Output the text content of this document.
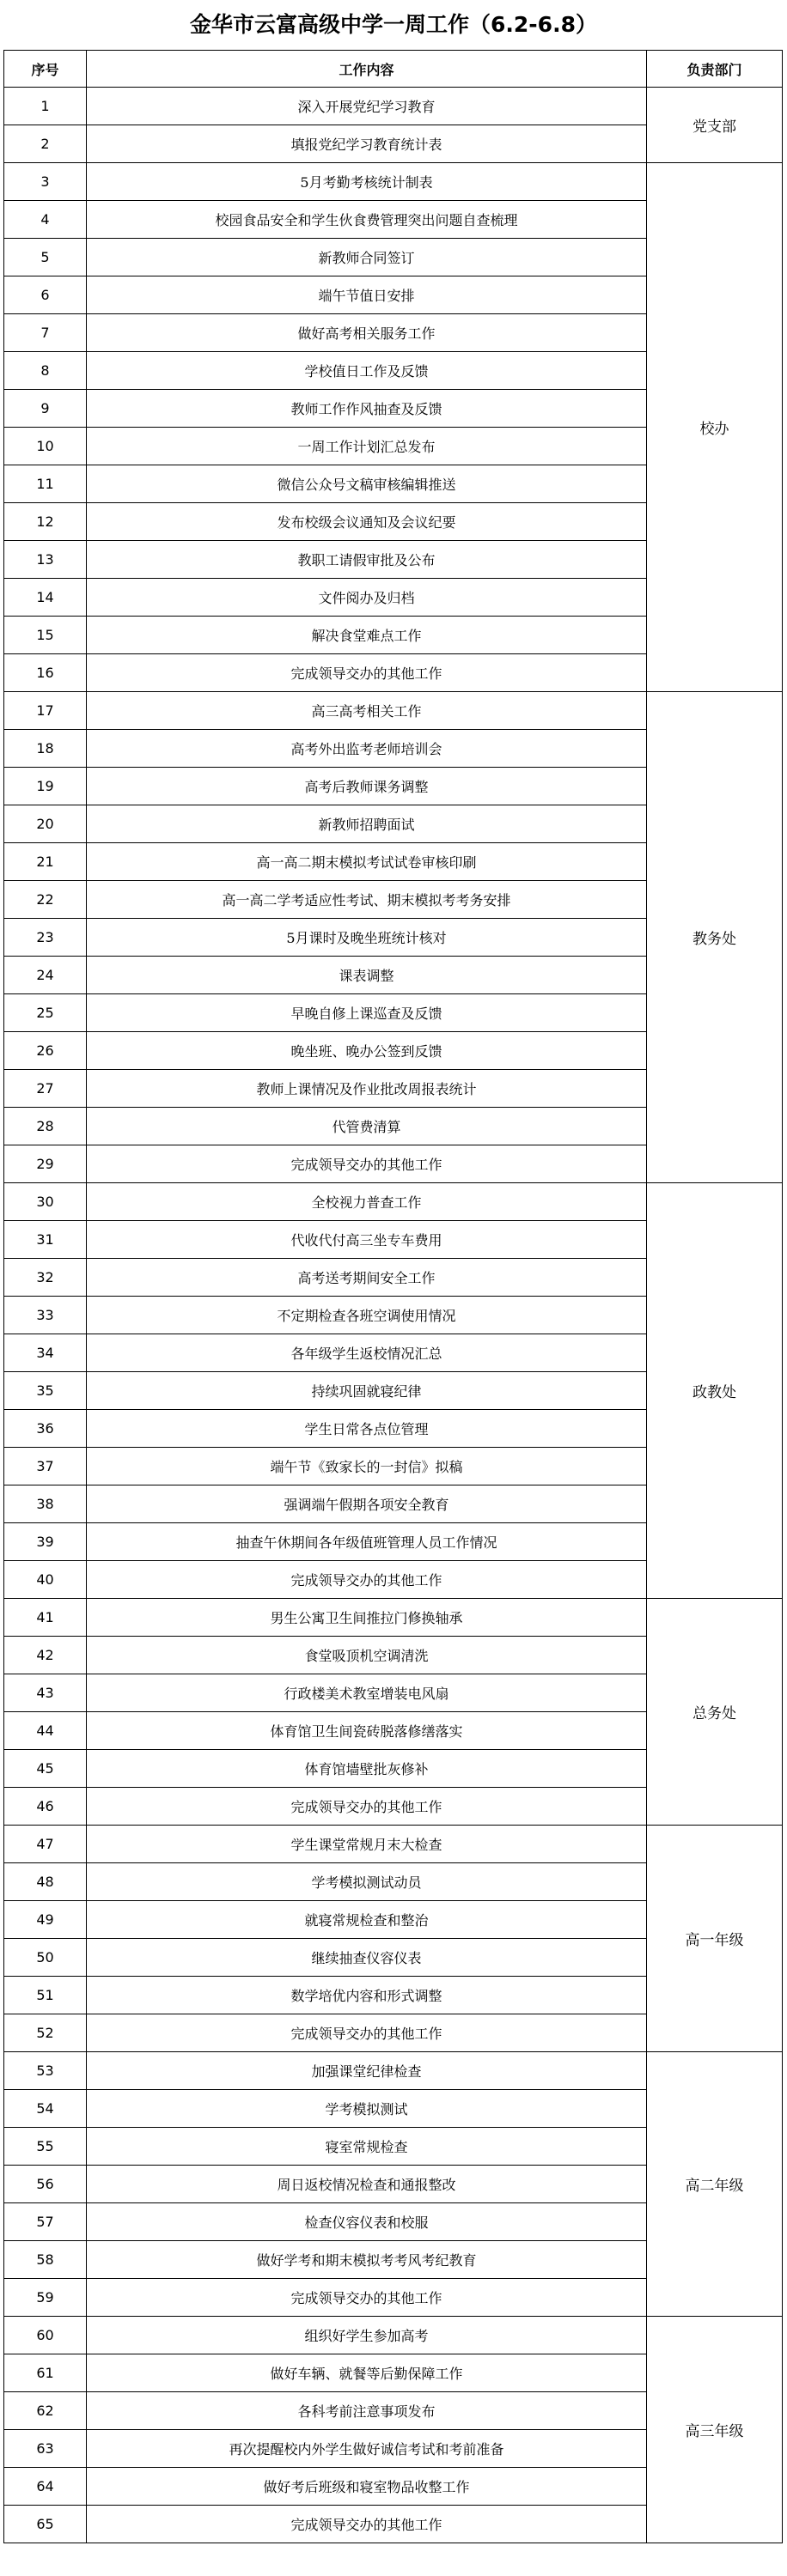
金华市云富高级中学一周工作（6.2-6.8）
序号	工作内容	负责部门
1	深入开展党纪学习教育	党支部
2	填报党纪学习教育统计表	
3	5月考勤考核统计制表	校办
4	校园食品安全和学生伙食费管理突出问题自查梳理	
5	新教师合同签订	
6	端午节值日安排	
7	做好高考相关服务工作	
8	学校值日工作及反馈	
9	教师工作作风抽查及反馈	
10	一周工作计划汇总发布	
11	微信公众号文稿审核编辑推送	
12	发布校级会议通知及会议纪要	
13	教职工请假审批及公布	
14	文件阅办及归档	
15	解决食堂难点工作	
16	完成领导交办的其他工作	
17	高三高考相关工作	教务处
18	高考外出监考老师培训会	
19	高考后教师课务调整	
20	新教师招聘面试	
21	高一高二期末模拟考试试卷审核印刷	
22	高一高二学考适应性考试、期末模拟考考务安排	
23	5月课时及晚坐班统计核对	
24	课表调整	
25	早晚自修上课巡查及反馈	
26	晚坐班、晚办公签到反馈	
27	教师上课情况及作业批改周报表统计	
28	代管费清算	
29	完成领导交办的其他工作	
30	全校视力普查工作	政教处
31	代收代付高三坐专车费用	
32	高考送考期间安全工作	
33	不定期检查各班空调使用情况	
34	各年级学生返校情况汇总	
35	持续巩固就寝纪律	
36	学生日常各点位管理	
37	端午节《致家长的一封信》拟稿	
38	强调端午假期各项安全教育	
39	抽查午休期间各年级值班管理人员工作情况	
40	完成领导交办的其他工作	
41	男生公寓卫生间推拉门修换轴承	总务处
42	食堂吸顶机空调清洗	
43	行政楼美术教室增装电风扇	
44	体育馆卫生间瓷砖脱落修缮落实	
45	体育馆墙壁批灰修补	
46	完成领导交办的其他工作	
47	学生课堂常规月末大检查	高一年级
48	学考模拟测试动员	
49	就寝常规检查和整治	
50	继续抽查仪容仪表	
51	数学培优内容和形式调整	
52	完成领导交办的其他工作	
53	加强课堂纪律检查	高二年级
54	学考模拟测试	
55	寝室常规检查	
56	周日返校情况检查和通报整改	
57	检查仪容仪表和校服	
58	做好学考和期末模拟考考风考纪教育	
59	完成领导交办的其他工作	
60	组织好学生参加高考	高三年级
61	做好车辆、就餐等后勤保障工作	
62	各科考前注意事项发布	
63	再次提醒校内外学生做好诚信考试和考前准备	
64	做好考后班级和寝室物品收整工作	
65	完成领导交办的其他工作	
